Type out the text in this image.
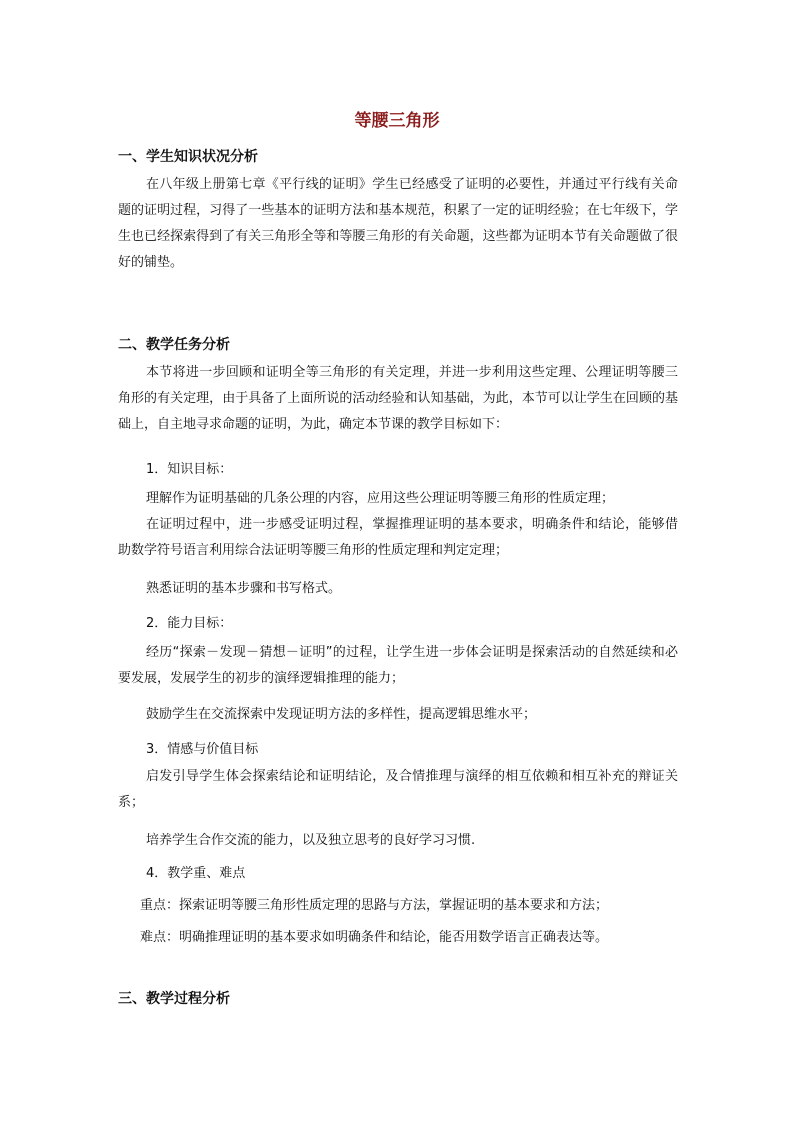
等腰三角形
一、学生知识状况分析
在八年级上册第七章《平行线的证明》学生已经感受了证明的必要性，并通过平行线有关命题的证明过程，习得了一些基本的证明方法和基本规范，积累了一定的证明经验；在七年级下，学生也已经探索得到了有关三角形全等和等腰三角形的有关命题，这些都为证明本节有关命题做了很好的铺垫。
二、教学任务分析
本节将进一步回顾和证明全等三角形的有关定理，并进一步利用这些定理、公理证明等腰三角形的有关定理，由于具备了上面所说的活动经验和认知基础，为此，本节可以让学生在回顾的基础上，自主地寻求命题的证明，为此，确定本节课的教学目标如下：
1．知识目标：
理解作为证明基础的几条公理的内容，应用这些公理证明等腰三角形的性质定理；
在证明过程中，进一步感受证明过程，掌握推理证明的基本要求，明确条件和结论，能够借助数学符号语言利用综合法证明等腰三角形的性质定理和判定定理；
熟悉证明的基本步骤和书写格式。
2．能力目标：
经历“探索－发现－猜想－证明”的过程，让学生进一步体会证明是探索活动的自然延续和必要发展，发展学生的初步的演绎逻辑推理的能力；
鼓励学生在交流探索中发现证明方法的多样性，提高逻辑思维水平；
3．情感与价值目标
启发引导学生体会探索结论和证明结论，及合情推理与演绎的相互依赖和相互补充的辩证关系；
培养学生合作交流的能力，以及独立思考的良好学习习惯.
4．教学重、难点
重点：探索证明等腰三角形性质定理的思路与方法，掌握证明的基本要求和方法；
难点：明确推理证明的基本要求如明确条件和结论，能否用数学语言正确表达等。
三、教学过程分析
